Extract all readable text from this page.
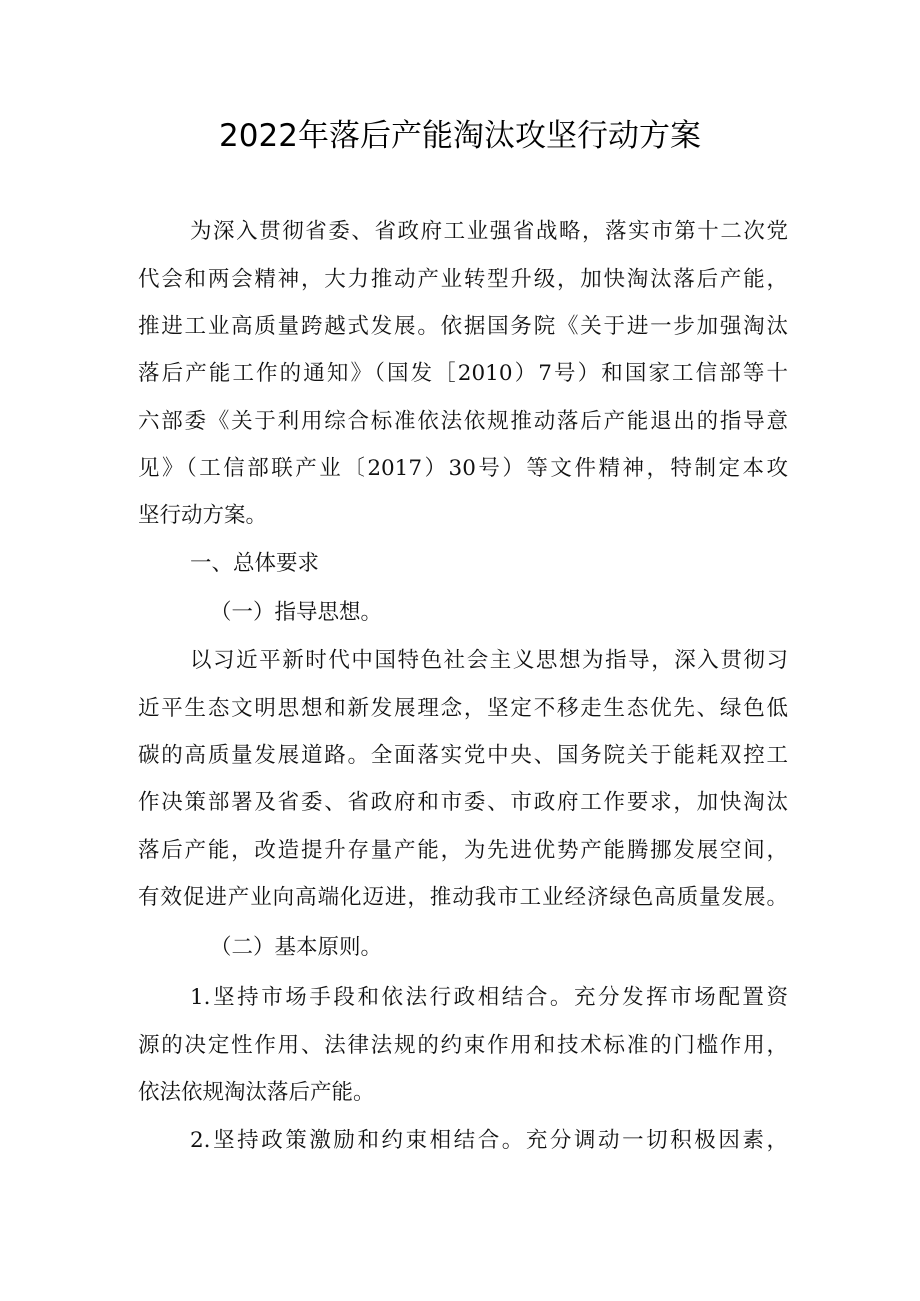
2022年落后产能淘汰攻坚行动方案
为深入贯彻省委、省政府工业强省战略，落实市第十二次党
代会和两会精神，大力推动产业转型升级，加快淘汰落后产能，
推进工业高质量跨越式发展。依据国务院《关于进一步加强淘汰
落后产能工作的通知》（国发［2010）7号）和国家工信部等十
六部委《关于利用综合标准依法依规推动落后产能退出的指导意
见》（工信部联产业〔2017）30号）等文件精神，特制定本攻
坚行动方案。
一、总体要求
（一）指导思想。
以习近平新时代中国特色社会主义思想为指导，深入贯彻习
近平生态文明思想和新发展理念，坚定不移走生态优先、绿色低
碳的高质量发展道路。全面落实党中央、国务院关于能耗双控工
作决策部署及省委、省政府和市委、市政府工作要求，加快淘汰
落后产能，改造提升存量产能，为先进优势产能腾挪发展空间，
有效促进产业向高端化迈进，推动我市工业经济绿色高质量发展。
（二）基本原则。
1.坚持市场手段和依法行政相结合。充分发挥市场配置资
源的决定性作用、法律法规的约束作用和技术标准的门槛作用，
依法依规淘汰落后产能。
2.坚持政策激励和约束相结合。充分调动一切积极因素，
